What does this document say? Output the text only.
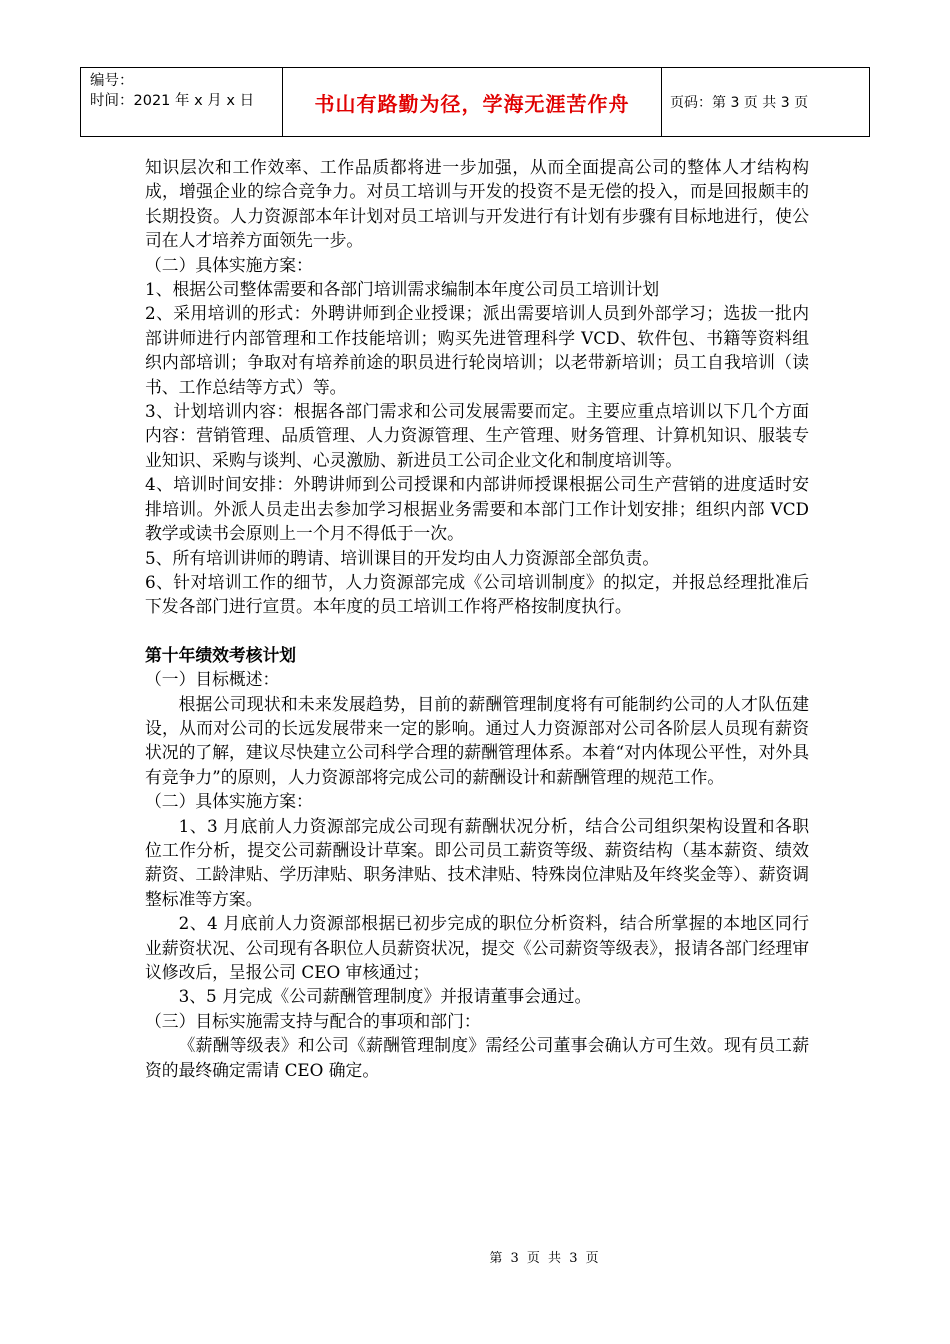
编号：
时间：2021 年 x 月 x 日	书山有路勤为径，学海无涯苦作舟	页码：第 3 页 共 3 页

知识层次和工作效率、工作品质都将进一步加强，从而全面提高公司的整体人才结构构成，增强企业的综合竞争力。对员工培训与开发的投资不是无偿的投入，而是回报颇丰的长期投资。人力资源部本年计划对员工培训与开发进行有计划有步骤有目标地进行，使公司在人才培养方面领先一步。

（二）具体实施方案：

1、根据公司整体需要和各部门培训需求编制本年度公司员工培训计划

2、采用培训的形式：外聘讲师到企业授课；派出需要培训人员到外部学习；选拔一批内部讲师进行内部管理和工作技能培训；购买先进管理科学 VCD、软件包、书籍等资料组织内部培训；争取对有培养前途的职员进行轮岗培训；以老带新培训；员工自我培训（读书、工作总结等方式）等。

3、计划培训内容：根据各部门需求和公司发展需要而定。主要应重点培训以下几个方面内容：营销管理、品质管理、人力资源管理、生产管理、财务管理、计算机知识、服装专业知识、采购与谈判、心灵激励、新进员工公司企业文化和制度培训等。

4、培训时间安排：外聘讲师到公司授课和内部讲师授课根据公司生产营销的进度适时安排培训。外派人员走出去参加学习根据业务需要和本部门工作计划安排；组织内部 VCD 教学或读书会原则上一个月不得低于一次。

5、所有培训讲师的聘请、培训课目的开发均由人力资源部全部负责。

6、针对培训工作的细节，人力资源部完成《公司培训制度》的拟定，并报总经理批准后下发各部门进行宣贯。本年度的员工培训工作将严格按制度执行。

第十年绩效考核计划

（一）目标概述：

根据公司现状和未来发展趋势，目前的薪酬管理制度将有可能制约公司的人才队伍建设，从而对公司的长远发展带来一定的影响。通过人力资源部对公司各阶层人员现有薪资状况的了解，建议尽快建立公司科学合理的薪酬管理体系。本着“对内体现公平性，对外具有竞争力”的原则，人力资源部将完成公司的薪酬设计和薪酬管理的规范工作。

（二）具体实施方案：

1、3 月底前人力资源部完成公司现有薪酬状况分析，结合公司组织架构设置和各职位工作分析，提交公司薪酬设计草案。即公司员工薪资等级、薪资结构（基本薪资、绩效薪资、工龄津贴、学历津贴、职务津贴、技术津贴、特殊岗位津贴及年终奖金等）、薪资调整标准等方案。

2、4 月底前人力资源部根据已初步完成的职位分析资料，结合所掌握的本地区同行业薪资状况、公司现有各职位人员薪资状况，提交《公司薪资等级表》，报请各部门经理审议修改后，呈报公司 CEO 审核通过；

3、5 月完成《公司薪酬管理制度》并报请董事会通过。

（三）目标实施需支持与配合的事项和部门：

《薪酬等级表》和公司《薪酬管理制度》需经公司董事会确认方可生效。现有员工薪资的最终确定需请 CEO 确定。

第 3 页 共 3 页
